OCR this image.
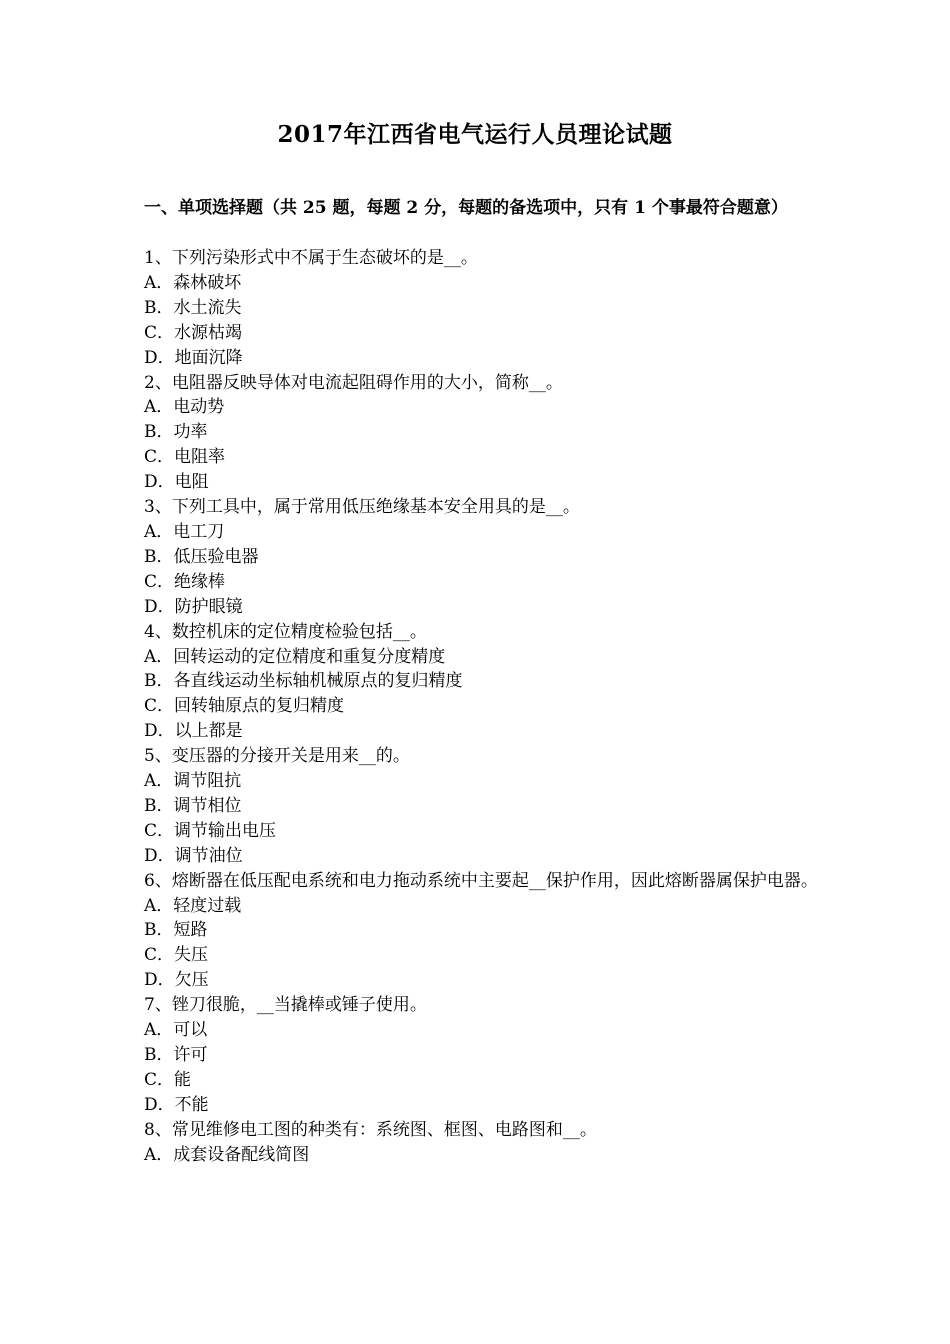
2017年江西省电气运行人员理论试题

一、单项选择题（共 25 题，每题 2 分，每题的备选项中，只有 1 个事最符合题意）

1、下列污染形式中不属于生态破坏的是__。
A．森林破坏
B．水土流失
C．水源枯竭
D．地面沉降
2、电阻器反映导体对电流起阻碍作用的大小，简称__。
A．电动势
B．功率
C．电阻率
D．电阻
3、下列工具中，属于常用低压绝缘基本安全用具的是__。
A．电工刀
B．低压验电器
C．绝缘棒
D．防护眼镜
4、数控机床的定位精度检验包括__。
A．回转运动的定位精度和重复分度精度
B．各直线运动坐标轴机械原点的复归精度
C．回转轴原点的复归精度
D．以上都是
5、变压器的分接开关是用来__的。
A．调节阻抗
B．调节相位
C．调节输出电压
D．调节油位
6、熔断器在低压配电系统和电力拖动系统中主要起__保护作用，因此熔断器属保护电器。
A．轻度过载
B．短路
C．失压
D．欠压
7、锉刀很脆，__当撬棒或锤子使用。
A．可以
B．许可
C．能
D．不能
8、常见维修电工图的种类有：系统图、框图、电路图和__。
A．成套设备配线简图
